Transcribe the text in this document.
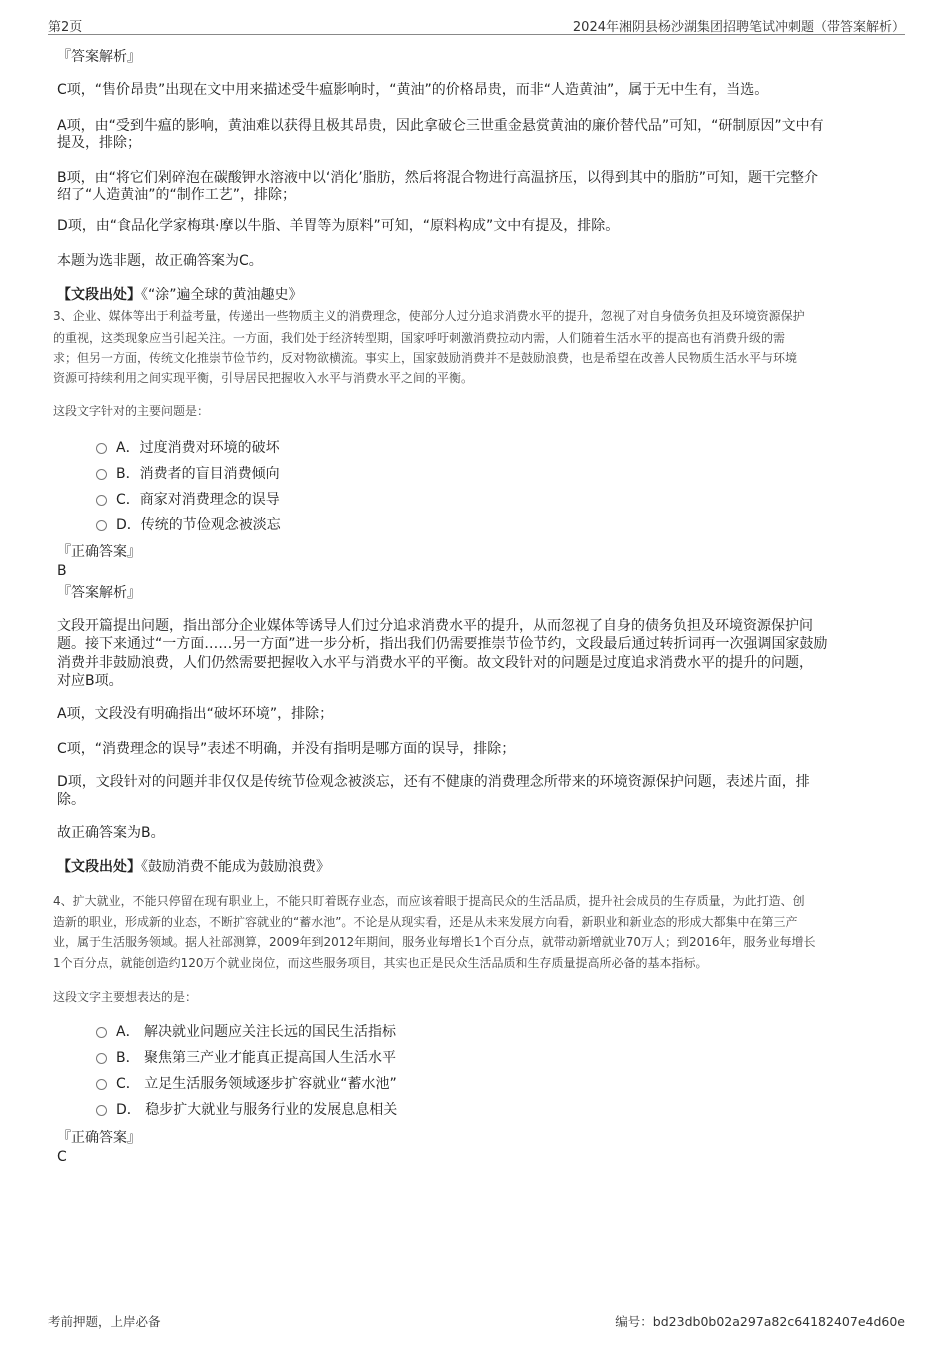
第2页	2024年湘阴县杨沙湖集团招聘笔试冲刺题（带答案解析）
『答案解析』
C项，“售价昂贵”出现在文中用来描述受牛瘟影响时，“黄油”的价格昂贵，而非“人造黄油”，属于无中生有，当选。
A项，由“受到牛瘟的影响，黄油难以获得且极其昂贵，因此拿破仑三世重金悬赏黄油的廉价替代品”可知，“研制原因”文中有
提及，排除；
B项，由“将它们剁碎泡在碳酸钾水溶液中以‘消化’脂肪，然后将混合物进行高温挤压，以得到其中的脂肪”可知，题干完整介
绍了“人造黄油”的“制作工艺”，排除；
D项，由“食品化学家梅琪·摩以牛脂、羊胃等为原料”可知，“原料构成”文中有提及，排除。
本题为选非题，故正确答案为C。
【文段出处】《“涂”遍全球的黄油趣史》
3、企业、媒体等出于利益考量，传递出一些物质主义的消费理念，使部分人过分追求消费水平的提升，忽视了对自身债务负担及环境资源保护
的重视，这类现象应当引起关注。一方面，我们处于经济转型期，国家呼吁刺激消费拉动内需，人们随着生活水平的提高也有消费升级的需
求；但另一方面，传统文化推崇节俭节约，反对物欲横流。事实上，国家鼓励消费并不是鼓励浪费，也是希望在改善人民物质生活水平与环境
资源可持续利用之间实现平衡，引导居民把握收入水平与消费水平之间的平衡。
这段文字针对的主要问题是：
A．过度消费对环境的破坏
B．消费者的盲目消费倾向
C．商家对消费理念的误导
D．传统的节俭观念被淡忘
『正确答案』
B
『答案解析』
文段开篇提出问题，指出部分企业媒体等诱导人们过分追求消费水平的提升，从而忽视了自身的债务负担及环境资源保护问
题。接下来通过“一方面……另一方面”进一步分析，指出我们仍需要推崇节俭节约，文段最后通过转折词再一次强调国家鼓励
消费并非鼓励浪费，人们仍然需要把握收入水平与消费水平的平衡。故文段针对的问题是过度追求消费水平的提升的问题，
对应B项。
A项，文段没有明确指出“破坏环境”，排除；
C项，“消费理念的误导”表述不明确，并没有指明是哪方面的误导，排除；
D项，文段针对的问题并非仅仅是传统节俭观念被淡忘，还有不健康的消费理念所带来的环境资源保护问题，表述片面，排
除。
故正确答案为B。
【文段出处】《鼓励消费不能成为鼓励浪费》
4、扩大就业，不能只停留在现有职业上，不能只盯着既存业态，而应该着眼于提高民众的生活品质，提升社会成员的生存质量，为此打造、创
造新的职业，形成新的业态，不断扩容就业的“蓄水池”。不论是从现实看，还是从未来发展方向看，新职业和新业态的形成大都集中在第三产
业，属于生活服务领域。据人社部测算，2009年到2012年期间，服务业每增长1个百分点，就带动新增就业70万人；到2016年，服务业每增长
1个百分点，就能创造约120万个就业岗位，而这些服务项目，其实也正是民众生活品质和生存质量提高所必备的基本指标。
这段文字主要想表达的是：
A． 解决就业问题应关注长远的国民生活指标
B． 聚焦第三产业才能真正提高国人生活水平
C． 立足生活服务领域逐步扩容就业“蓄水池”
D． 稳步扩大就业与服务行业的发展息息相关
『正确答案』
C
考前押题，上岸必备	编号：bd23db0b02a297a82c64182407e4d60e
